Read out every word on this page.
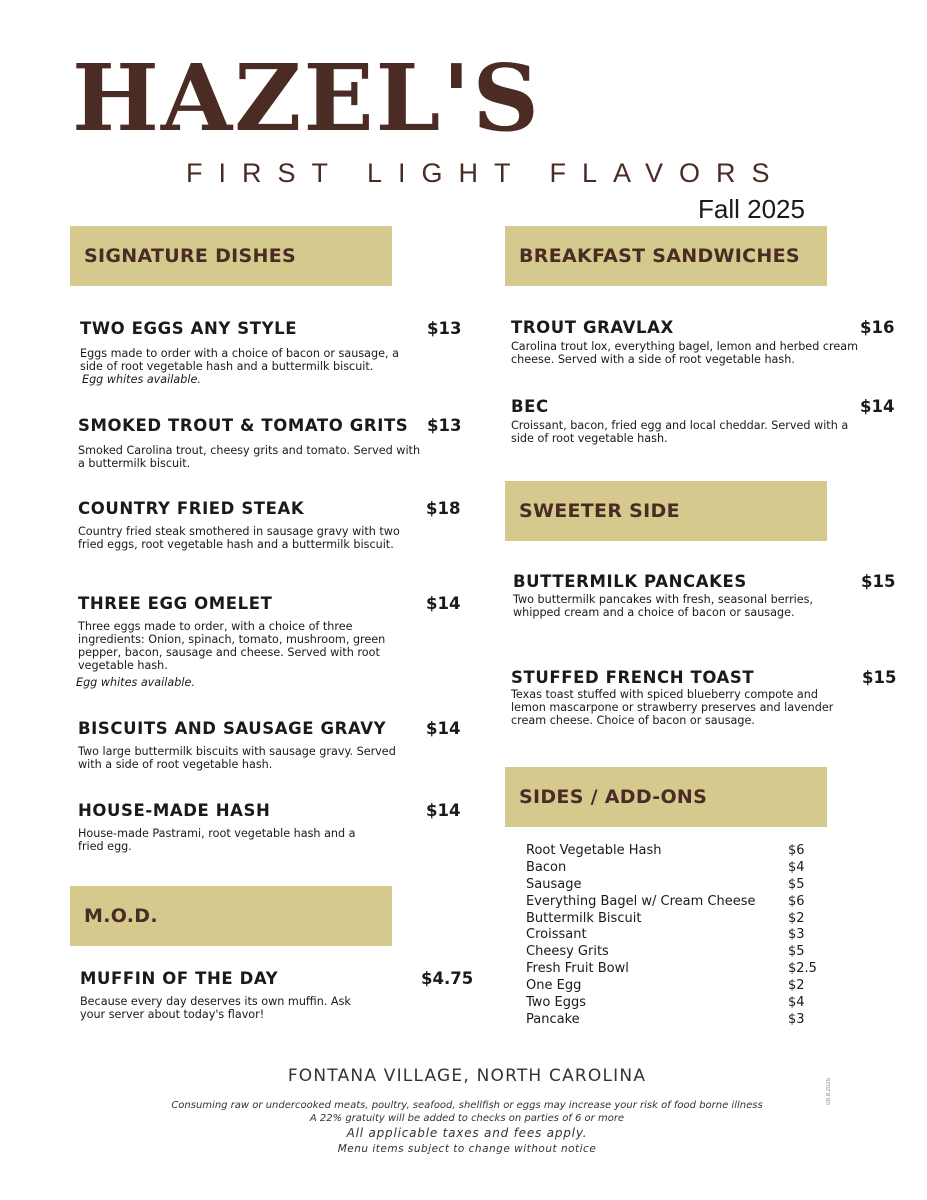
HAZEL'S
FIRST LIGHT FLAVORS
Fall 2025
SIGNATURE DISHES
TWO EGGS ANY STYLE	$13
Eggs made to order with a choice of bacon or sausage, a side of root vegetable hash and a buttermilk biscuit.
Egg whites available.
SMOKED TROUT & TOMATO GRITS $13
Smoked Carolina trout, cheesy grits and tomato. Served with a buttermilk biscuit.
COUNTRY FRIED STEAK	$18
Country fried steak smothered in sausage gravy with two fried eggs, root vegetable hash and a buttermilk biscuit.
THREE EGG OMELET	$14
Three eggs made to order, with a choice of three ingredients: Onion, spinach, tomato, mushroom, green pepper, bacon, sausage and cheese. Served with root vegetable hash.
Egg whites available.
BISCUITS AND SAUSAGE GRAVY $14
Two large buttermilk biscuits with sausage gravy. Served with a side of root vegetable hash.
HOUSE-MADE HASH	$14
House-made Pastrami, root vegetable hash and a fried egg.
M.O.D.
MUFFIN OF THE DAY	$4.75
Because every day deserves its own muffin. Ask your server about today's flavor!
BREAKFAST SANDWICHES
TROUT GRAVLAX	$16
Carolina trout lox, everything bagel, lemon and herbed cream cheese. Served with a side of root vegetable hash.
BEC	$14
Croissant, bacon, fried egg and local cheddar. Served with a side of root vegetable hash.
SWEETER SIDE
BUTTERMILK PANCAKES	$15
Two buttermilk pancakes with fresh, seasonal berries, whipped cream and a choice of bacon or sausage.
STUFFED FRENCH TOAST	$15
Texas toast stuffed with spiced blueberry compote and lemon mascarpone or strawberry preserves and lavender cream cheese. Choice of bacon or sausage.
SIDES / ADD-ONS
Root Vegetable Hash	$6
Bacon	$4
Sausage	$5
Everything Bagel w/ Cream Cheese $6
Buttermilk Biscuit	$2
Croissant	$3
Cheesy Grits	$5
Fresh Fruit Bowl	$2.5
One Egg	$2
Two Eggs	$4
Pancake	$3
FONTANA VILLAGE, NORTH CAROLINA
Consuming raw or undercooked meats, poultry, seafood, shellfish or eggs may increase your risk of food borne illness
A 22% gratuity will be added to checks on parties of 6 or more
All applicable taxes and fees apply.
Menu items subject to change without notice
09.8.2025
